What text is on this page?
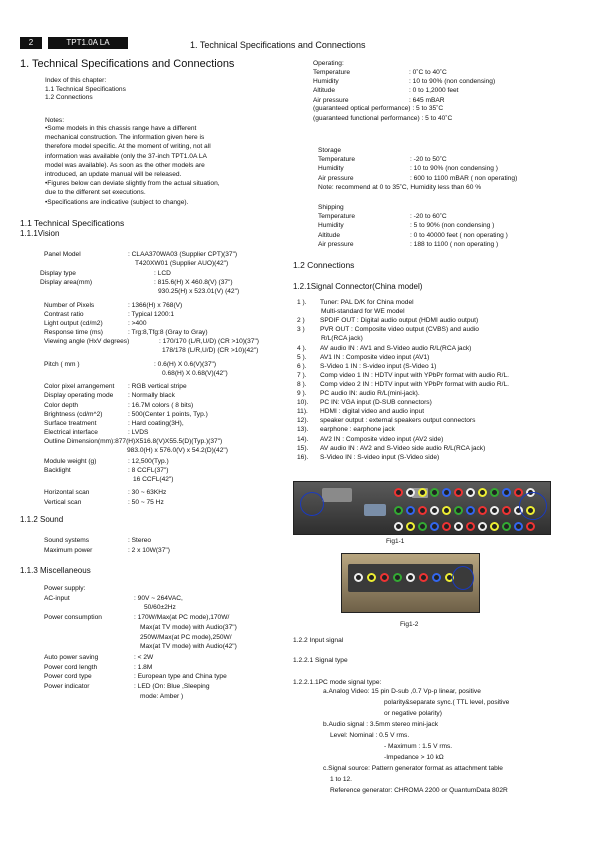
2	TPT1.0A LA	1. Technical Specifications and Connections
1. Technical Specifications and Connections
Index of this chapter:
1.1 Technical Specifications
1.2 Connections
Notes:
•Some models in this chassis range have a different
mechanical construction. The information given here is
therefore model specific. At the moment of writing, not all
information was available (only the 37-inch TPT1.0A LA
model was available). As soon as the other models are
introduced, an update manual will be released.
•Figures below can deviate slightly from the actual situation,
due to the different set executions.
•Specifications are indicative (subject to change).
1.1 Technical Specifications
1.1.1Vision
Panel Model	: CLAA370WA03 (Supplier CPT)(37")
T420XW01 (Supplier AUO)(42")
Display type	: LCD
Display area(mm)	: 815.6(H) X 460.8(V) (37")
930.25(H) x 523.01(V) (42")
Number of Pixels	: 1366(H) x 768(V)
Contrast ratio	: Typical 1200:1
Light output (cd/m2)	: >400
Response time (ms)	: Trg:8,Tfg:8 (Gray to Gray)
Viewing angle (HxV degrees)	: 170/170 (L/R,U/D) (CR >10)(37")
178/178 (L/R,U/D) (CR >10)(42")
Pitch ( mm )	: 0.6(H) X 0.6(V)(37")
0.68(H) X 0.68(V)(42")
Color pixel arrangement : RGB vertical stripe
Display operating mode : Normally black
Color depth	: 16.7M colors ( 8 bits)
Brightness (cd/m^2)	: 500(Center 1 points, Typ.)
Surface treatment	: Hard coating(3H),
Electrical interface	: LVDS
Outline Dimension(mm):877(H)X516.8(V)X55.5(D)(Typ.)(37")
983.0(H) x 576.0(V) x 54.2(D)(42")
Module weight (g)	: 12,500(Typ.)
Backlight	: 8 CCFL(37")
16 CCFL(42")
Horizontal scan	: 30 ~ 63KHz
Vertical scan	: 50 ~ 75 Hz
1.1.2 Sound
Sound systems	: Stereo
Maximum power	: 2 x 10W(37")
1.1.3 Miscellaneous
Power supply:
AC-input	: 90V ~ 264VAC,
50/60±2Hz
Power consumption	: 170W/Max(at PC mode),170W/
Max(at TV mode) with Audio(37")
250W/Max(at PC mode),250W/
Max(at TV mode) with Audio(42")
Auto power saving	: < 2W
Power cord length	: 1.8M
Power cord type	: European type and China type
Power indicator	: LED (On: Blue ,Sleeping
mode: Amber )
Operating:
Temperature	: 0˚C to 40˚C
Humidity	: 10 to 90% (non condensing)
Altitude	: 0 to 1,2000 feet
Air pressure	: 645 mBAR
(guaranteed optical performance) : 5 to 35˚C
(guaranteed functional performance) : 5 to 40˚C
Storage
Temperature	: -20 to 50˚C
Humidity	: 10 to 90% (non condensing )
Air pressure	: 600 to 1100 mBAR ( non operating)
Note: recommend at 0 to 35˚C, Humidity less than 60 %
Shipping
Temperature	: -20 to 60˚C
Humidity	: 5 to 90% (non condensing )
Altitude	: 0 to 40000 feet ( non operating )
Air pressure	: 188 to 1100 ( non operating )
1.2 Connections
1.2.1Signal Connector(China model)
1 ). Tuner: PAL D/K for China model
Multi-standard for WE model
2 ) SPDIF OUT : Digital audio output (HDMI audio output)
3 ) PVR OUT : Composite video output (CVBS) and audio
R/L(RCA jack)
4 ). AV audio IN : AV1 and S-Video audio R/L(RCA jack)
5 ). AV1 IN : Composite video input (AV1)
6 ). S-Video 1 IN : S-video input (S-Video 1)
7 ). Comp video 1 IN : HDTV input with YPbPr format with audio R/L.
8 ). Comp video 2 IN : HDTV input with YPbPr format with audio R/L.
9 ). PC audio IN: audio R/L(mini-jack).
10). PC IN: VGA input (D-SUB connectors)
11). HDMI : digital video and audio input
12). speaker output : external speakers output connectors
13). earphone : earphone jack
14). AV2 IN : Composite video input (AV2 side)
15). AV audio IN : AV2 and S-Video side audio R/L(RCA jack)
16). S-Video IN : S-video input (S-Video side)
Fig1-1
Fig1-2
1.2.2 Input signal
1.2.2.1 Signal type
1.2.2.1.1PC mode signal type:
a.Analog Video: 15 pin D-sub ,0.7 Vp-p linear, positive
polarity&separate sync.( TTL level, positive
or negative polarity)
b.Audio signal : 3.5mm stereo mini-jack
Level: Nominal : 0.5 V rms.
- Maximum : 1.5 V rms.
-Impedance > 10 kΩ
c.Signal source: Pattern generator format as attachment table
1 to 12.
Reference generator: CHROMA 2200 or QuantumData 802R
